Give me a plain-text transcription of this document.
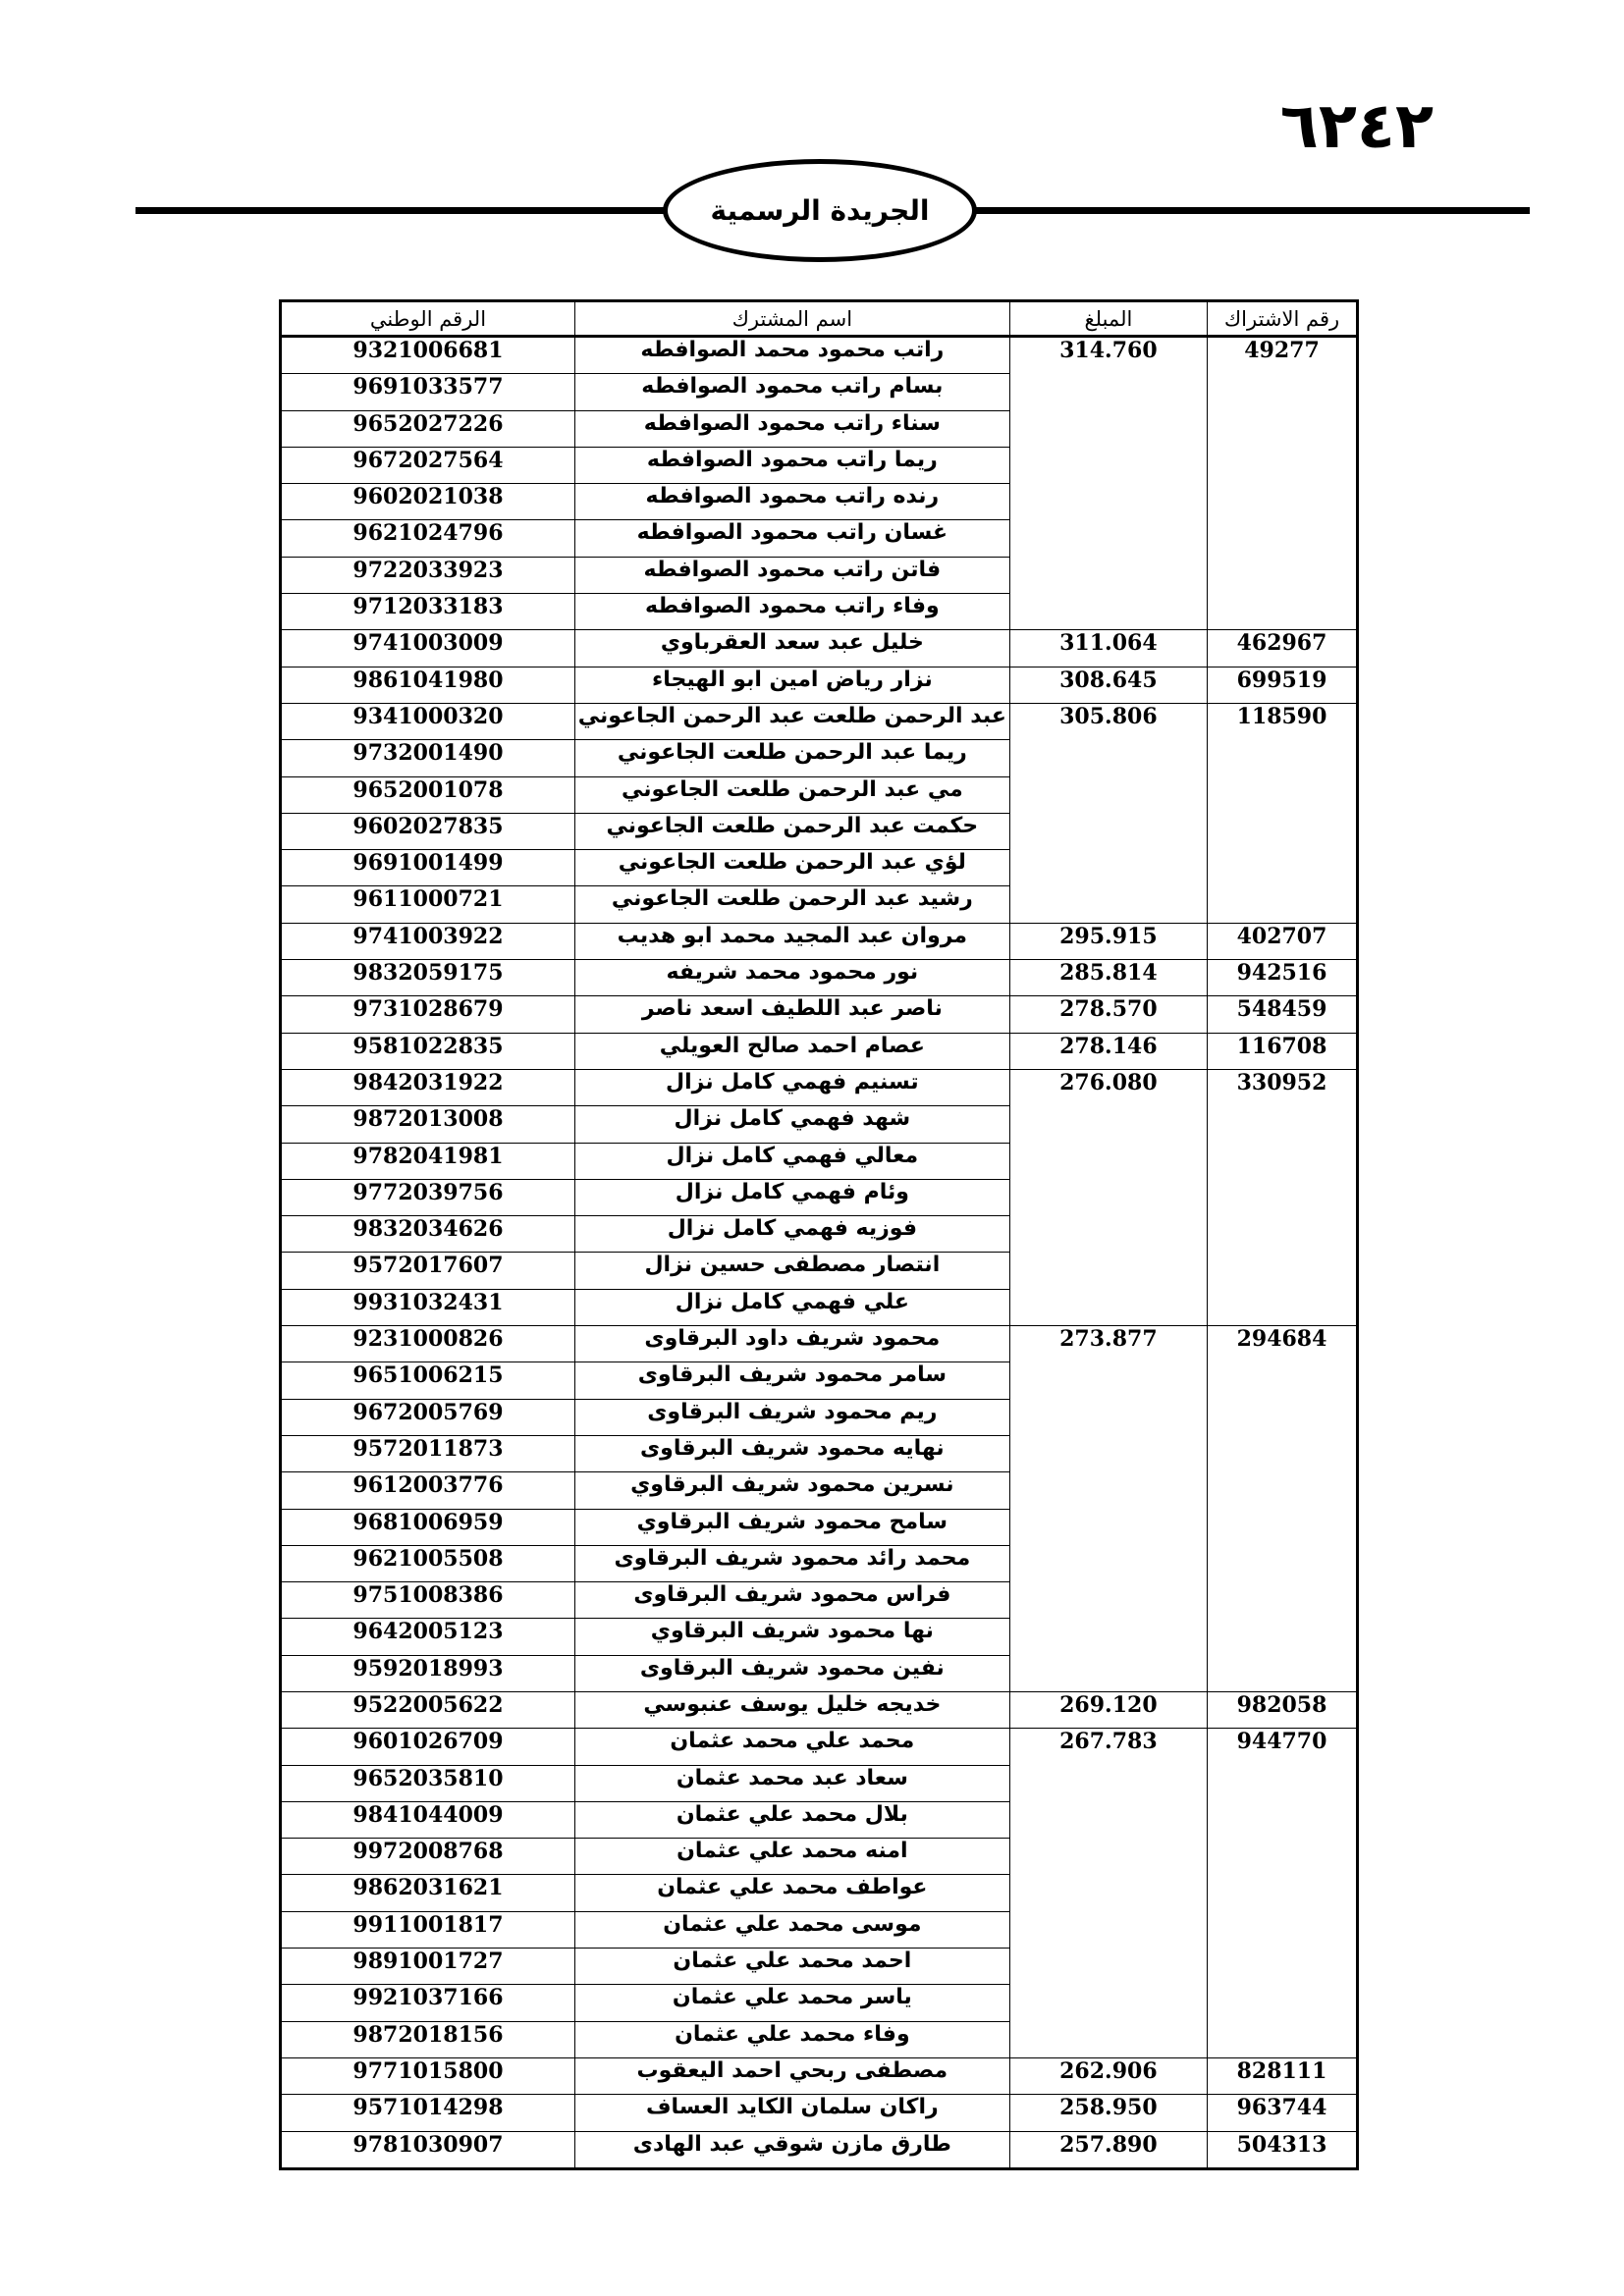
٦٢٤٢
الجريدة الرسمية
رقم الاشتراك	المبلغ	اسم المشترك	الرقم الوطني
49277	314.760	راتب محمود محمد الصوافطه	9321006681
		بسام راتب محمود الصوافطه	9691033577
		سناء راتب محمود الصوافطه	9652027226
		ريما راتب محمود الصوافطه	9672027564
		رنده راتب محمود الصوافطه	9602021038
		غسان راتب محمود الصوافطه	9621024796
		فاتن راتب محمود الصوافطه	9722033923
		وفاء راتب محمود الصوافطه	9712033183
462967	311.064	خليل عبد سعد العقرباوي	9741003009
699519	308.645	نزار رياض امين ابو الهيجاء	9861041980
118590	305.806	عبد الرحمن طلعت عبد الرحمن الجاعوني	9341000320
		ريما عبد الرحمن طلعت الجاعوني	9732001490
		مي عبد الرحمن طلعت الجاعوني	9652001078
		حكمت عبد الرحمن طلعت الجاعوني	9602027835
		لؤي عبد الرحمن طلعت الجاعوني	9691001499
		رشيد عبد الرحمن طلعت الجاعوني	9611000721
402707	295.915	مروان عبد المجيد محمد ابو هديب	9741003922
942516	285.814	نور محمود محمد شريفه	9832059175
548459	278.570	ناصر عبد اللطيف اسعد ناصر	9731028679
116708	278.146	عصام احمد صالح العويلي	9581022835
330952	276.080	تسنيم فهمي كامل نزال	9842031922
		شهد فهمي كامل نزال	9872013008
		معالي فهمي كامل نزال	9782041981
		وئام فهمي كامل نزال	9772039756
		فوزيه فهمي كامل نزال	9832034626
		انتصار مصطفى حسين نزال	9572017607
		علي فهمي كامل نزال	9931032431
294684	273.877	محمود شريف داود البرقاوى	9231000826
		سامر محمود شريف البرقاوى	9651006215
		ريم محمود شريف البرقاوى	9672005769
		نهايه محمود شريف البرقاوى	9572011873
		نسرين محمود شريف البرقاوي	9612003776
		سامح محمود شريف البرقاوي	9681006959
		محمد رائد محمود شريف البرقاوى	9621005508
		فراس محمود شريف البرقاوى	9751008386
		نها محمود شريف البرقاوي	9642005123
		نفين محمود شريف البرقاوى	9592018993
982058	269.120	خديجه خليل يوسف عنبوسي	9522005622
944770	267.783	محمد علي محمد عثمان	9601026709
		سعاد عبد محمد عثمان	9652035810
		بلال محمد علي عثمان	9841044009
		امنه محمد علي عثمان	9972008768
		عواطف محمد علي عثمان	9862031621
		موسى محمد علي عثمان	9911001817
		احمد محمد علي عثمان	9891001727
		ياسر محمد علي عثمان	9921037166
		وفاء محمد علي عثمان	9872018156
828111	262.906	مصطفى ربحي احمد اليعقوب	9771015800
963744	258.950	راكان سلمان الكايد العساف	9571014298
504313	257.890	طارق مازن شوقي عبد الهادى	9781030907
